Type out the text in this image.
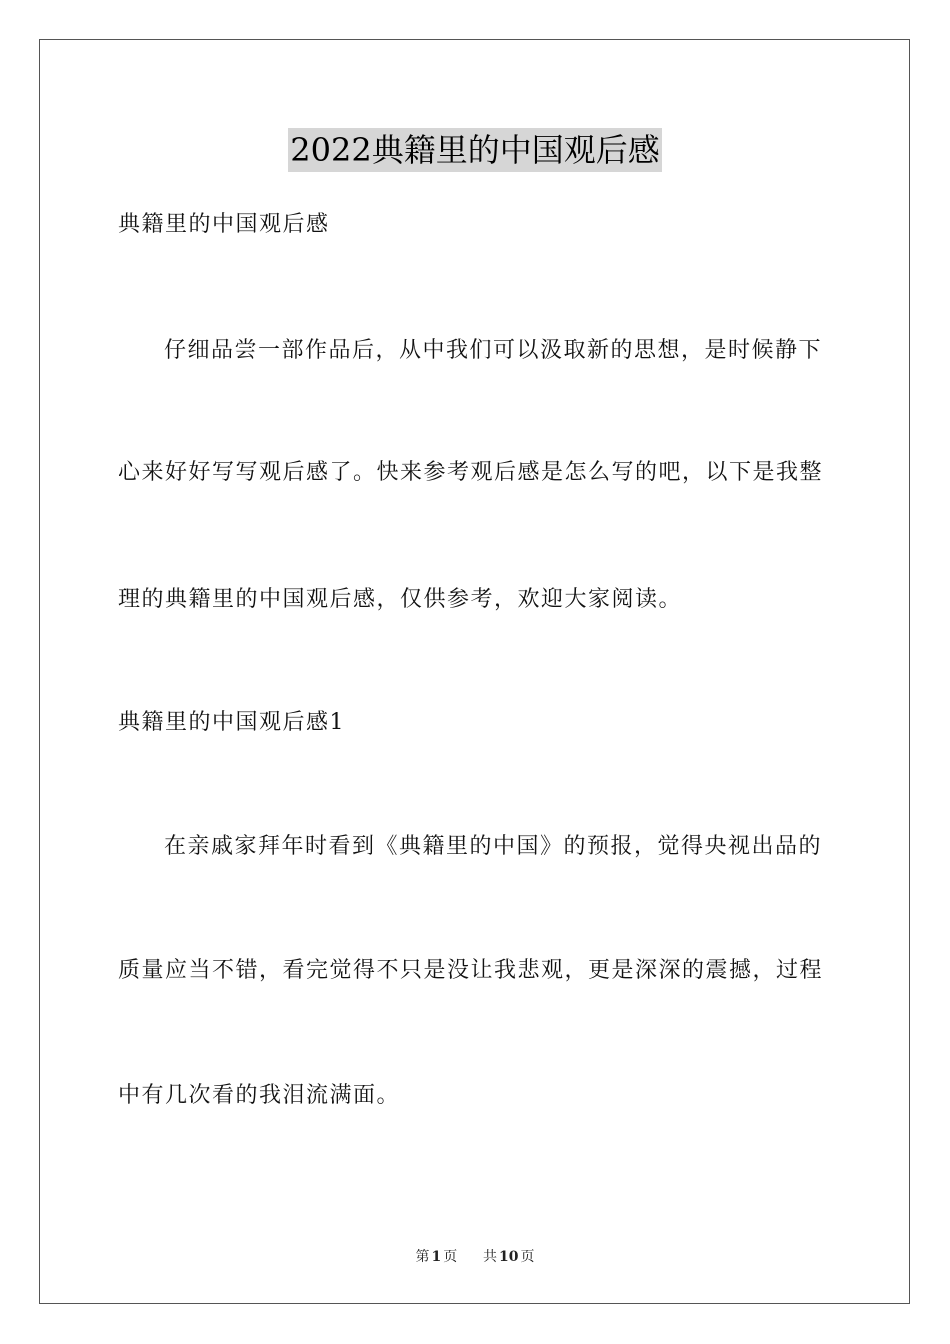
2022典籍里的中国观后感
典籍里的中国观后感
仔细品尝一部作品后，从中我们可以汲取新的思想，是时候静下
心来好好写写观后感了。快来参考观后感是怎么写的吧，以下是我整
理的典籍里的中国观后感，仅供参考，欢迎大家阅读。
典籍里的中国观后感1
在亲戚家拜年时看到《典籍里的中国》的预报，觉得央视出品的
质量应当不错，看完觉得不只是没让我悲观，更是深深的震撼，过程
中有几次看的我泪流满面。
第 1 页 共 10 页
